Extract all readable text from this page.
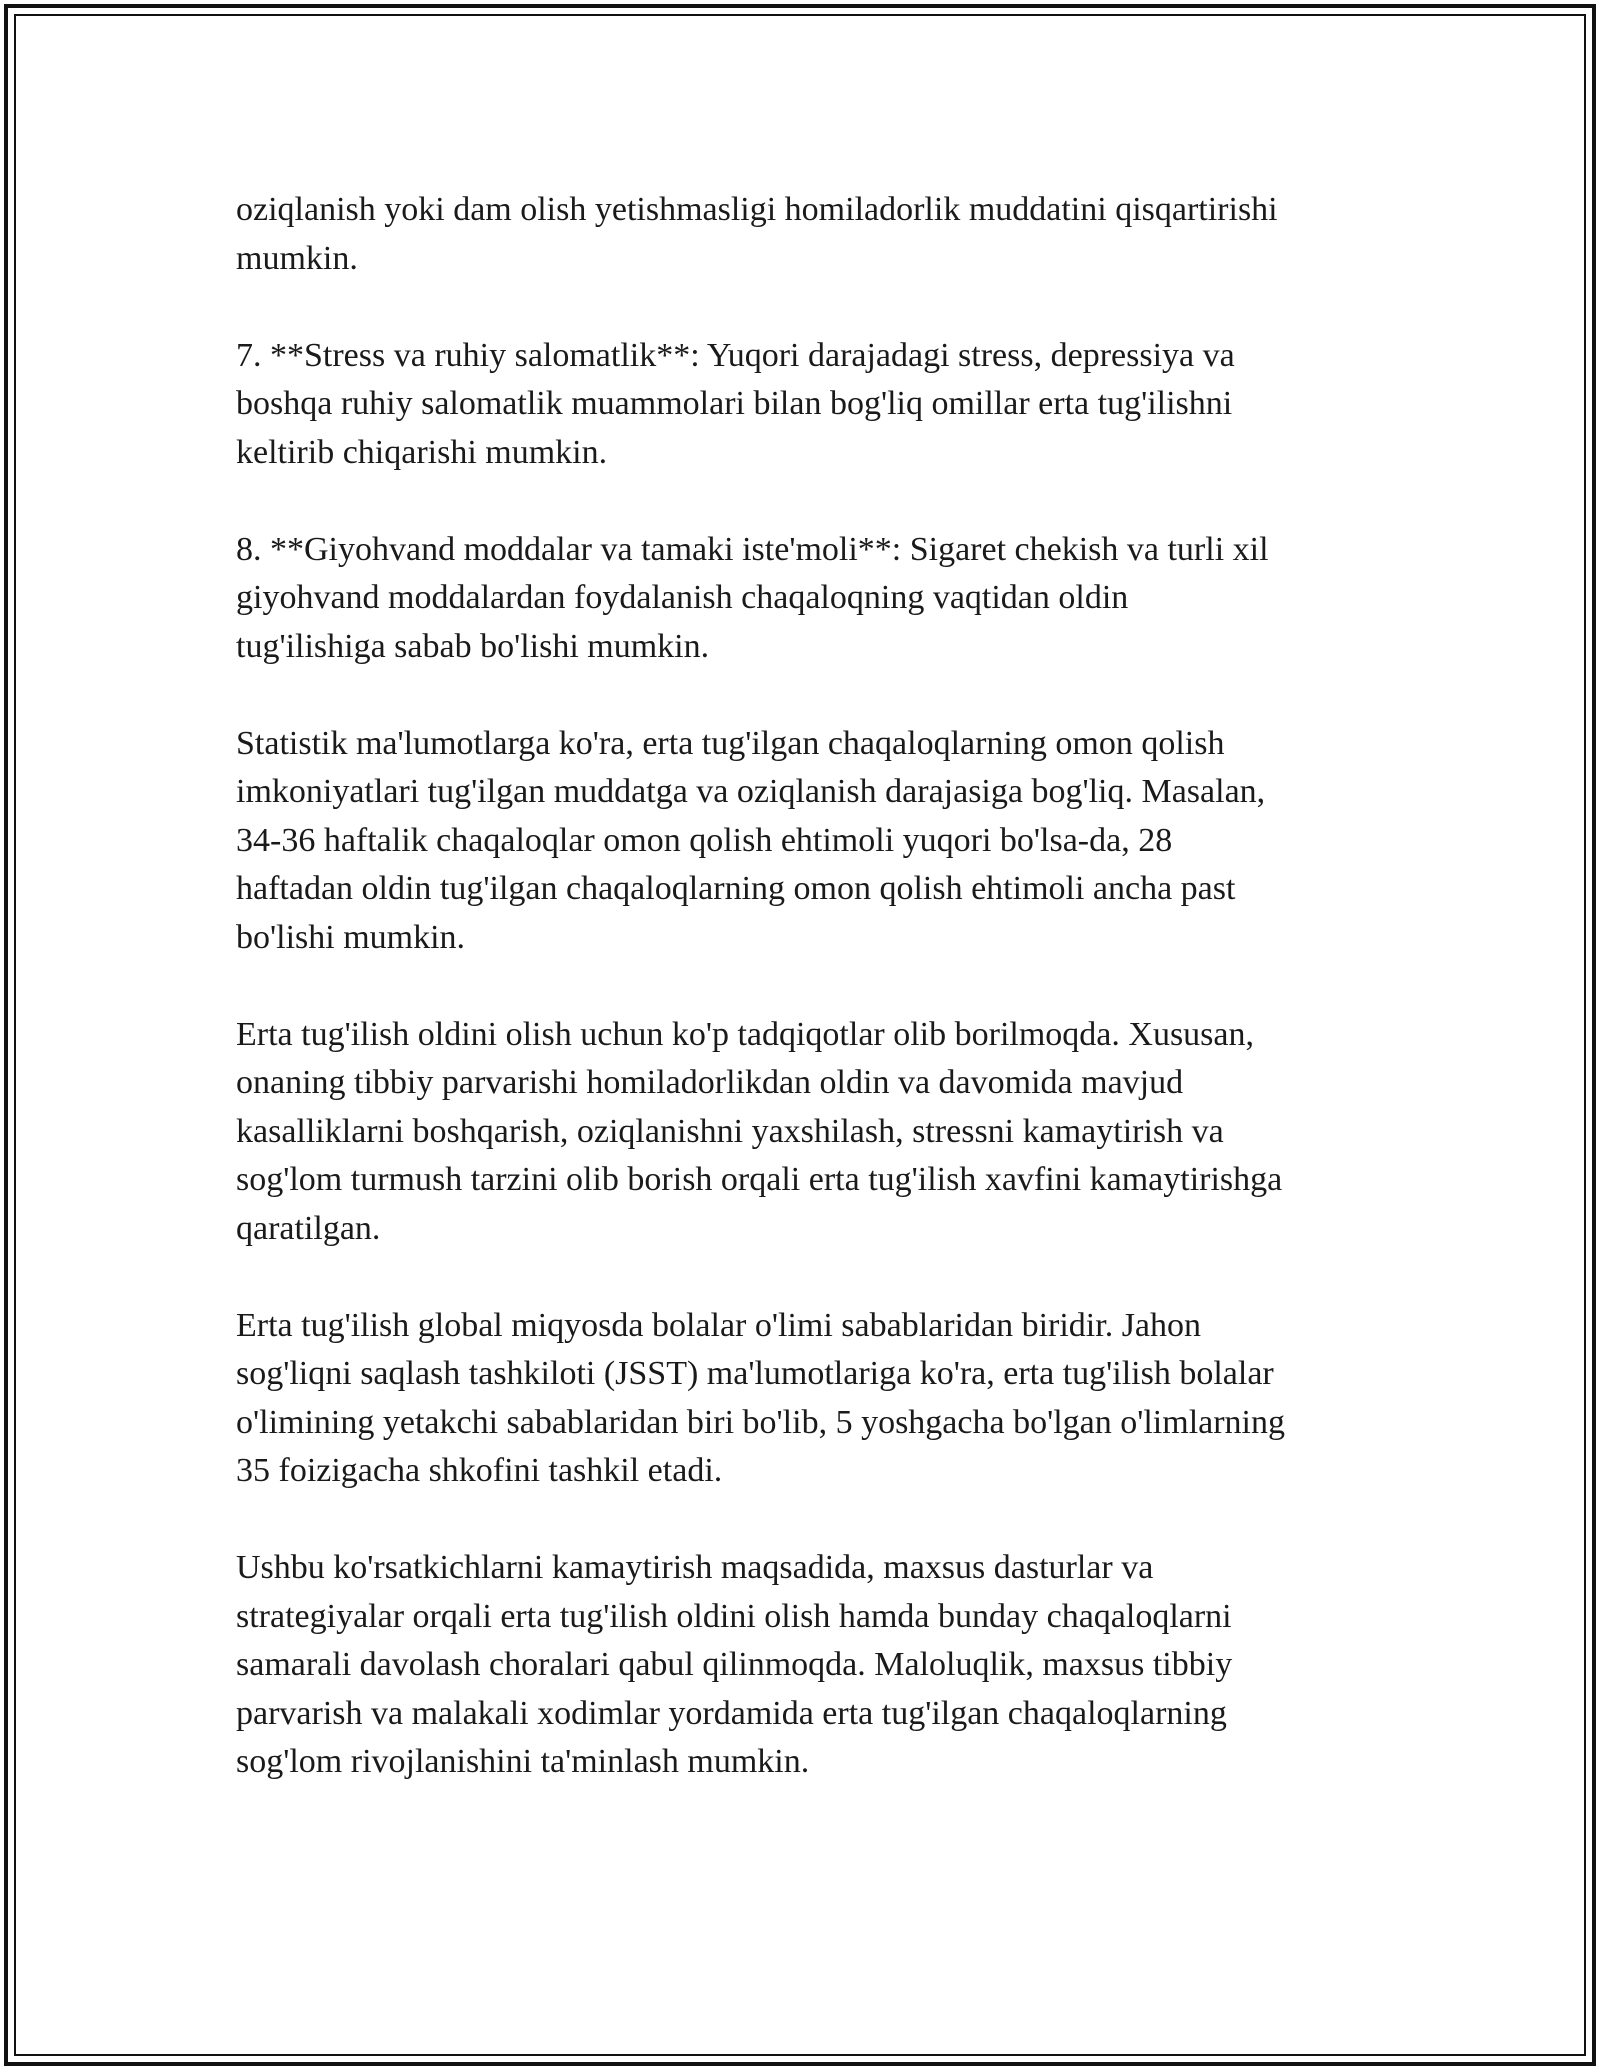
oziqlanish yoki dam olish yetishmasligi homiladorlik muddatini qisqartirishi
mumkin.

7. **Stress va ruhiy salomatlik**: Yuqori darajadagi stress, depressiya va
boshqa ruhiy salomatlik muammolari bilan bog'liq omillar erta tug'ilishni
keltirib chiqarishi mumkin.

8. **Giyohvand moddalar va tamaki iste'moli**: Sigaret chekish va turli xil
giyohvand moddalardan foydalanish chaqaloqning vaqtidan oldin
tug'ilishiga sabab bo'lishi mumkin.

Statistik ma'lumotlarga ko'ra, erta tug'ilgan chaqaloqlarning omon qolish
imkoniyatlari tug'ilgan muddatga va oziqlanish darajasiga bog'liq. Masalan,
34-36 haftalik chaqaloqlar omon qolish ehtimoli yuqori bo'lsa-da, 28
haftadan oldin tug'ilgan chaqaloqlarning omon qolish ehtimoli ancha past
bo'lishi mumkin.

Erta tug'ilish oldini olish uchun ko'p tadqiqotlar olib borilmoqda. Xususan,
onaning tibbiy parvarishi homiladorlikdan oldin va davomida mavjud
kasalliklarni boshqarish, oziqlanishni yaxshilash, stressni kamaytirish va
sog'lom turmush tarzini olib borish orqali erta tug'ilish xavfini kamaytirishga
qaratilgan.

Erta tug'ilish global miqyosda bolalar o'limi sabablaridan biridir. Jahon
sog'liqni saqlash tashkiloti (JSST) ma'lumotlariga ko'ra, erta tug'ilish bolalar
o'limining yetakchi sabablaridan biri bo'lib, 5 yoshgacha bo'lgan o'limlarning
35 foizigacha shkofini tashkil etadi.

Ushbu ko'rsatkichlarni kamaytirish maqsadida, maxsus dasturlar va
strategiyalar orqali erta tug'ilish oldini olish hamda bunday chaqaloqlarni
samarali davolash choralari qabul qilinmoqda. Maloluqlik, maxsus tibbiy
parvarish va malakali xodimlar yordamida erta tug'ilgan chaqaloqlarning
sog'lom rivojlanishini ta'minlash mumkin.
